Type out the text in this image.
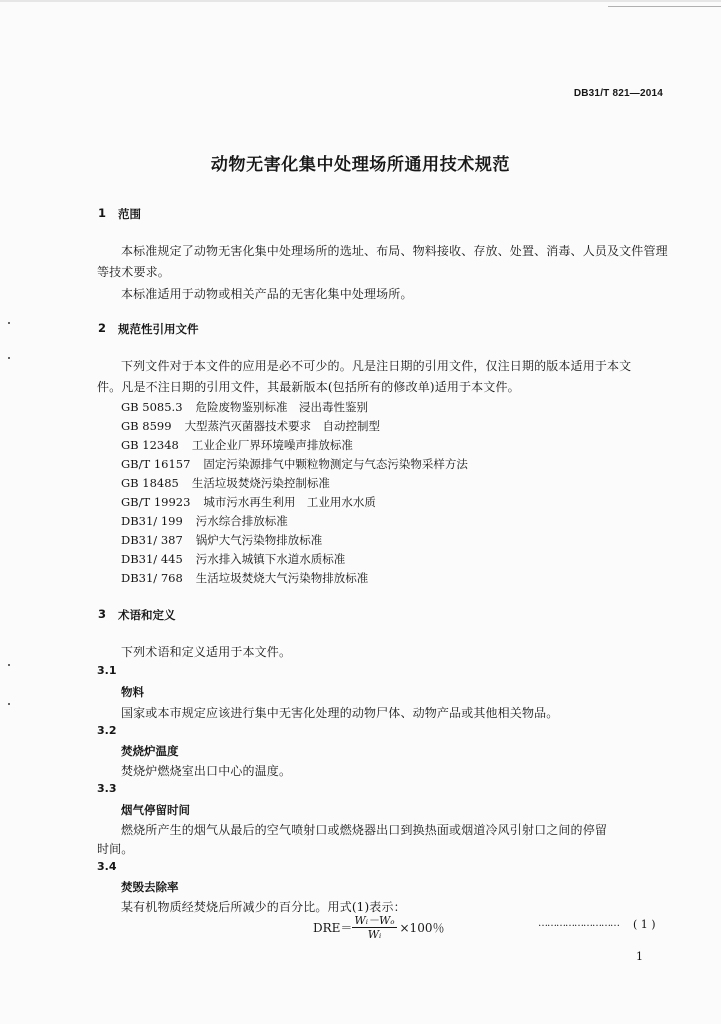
DB31/T 821—2014
动物无害化集中处理场所通用技术规范
1 范围
本标准规定了动物无害化集中处理场所的选址、布局、物料接收、存放、处置、消毒、人员及文件管理
等技术要求。
本标准适用于动物或相关产品的无害化集中处理场所。
2 规范性引用文件
下列文件对于本文件的应用是必不可少的。凡是注日期的引用文件，仅注日期的版本适用于本文
件。凡是不注日期的引用文件，其最新版本(包括所有的修改单)适用于本文件。
GB 5085.3 危险废物鉴别标准　浸出毒性鉴别
GB 8599 大型蒸汽灭菌器技术要求　自动控制型
GB 12348 工业企业厂界环境噪声排放标准
GB/T 16157 固定污染源排气中颗粒物测定与气态污染物采样方法
GB 18485 生活垃圾焚烧污染控制标准
GB/T 19923 城市污水再生利用　工业用水水质
DB31/ 199 污水综合排放标准
DB31/ 387 锅炉大气污染物排放标准
DB31/ 445 污水排入城镇下水道水质标准
DB31/ 768 生活垃圾焚烧大气污染物排放标准
3 术语和定义
下列术语和定义适用于本文件。
3.1
物料
国家或本市规定应该进行集中无害化处理的动物尸体、动物产品或其他相关物品。
3.2
焚烧炉温度
焚烧炉燃烧室出口中心的温度。
3.3
烟气停留时间
燃烧所产生的烟气从最后的空气喷射口或燃烧器出口到换热面或烟道冷风引射口之间的停留
时间。
3.4
焚毁去除率
某有机物质经焚烧后所减少的百分比。用式(1)表示：
$DRE= \frac{\text{Wᵢ－Wₒ}}{\text{Wᵢ}} \times 100$％	……………………… ( 1 )
1
